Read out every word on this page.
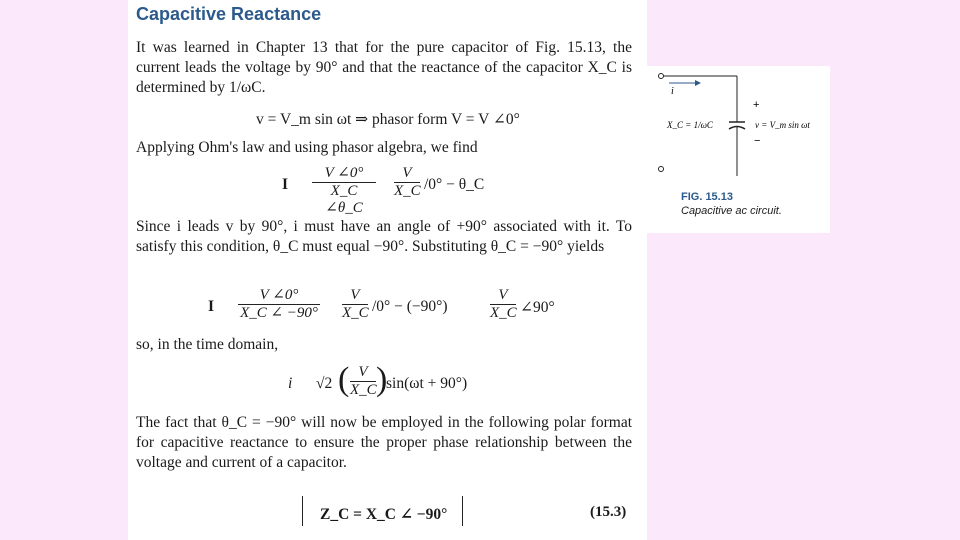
Capacitive Reactance
It was learned in Chapter 13 that for the pure capacitor of Fig. 15.13, the current leads the voltage by 90° and that the reactance of the capacitor X_C is determined by 1/ωC.
v = V_m sin ωt ⇒ phasor form V = V ∠0°
Applying Ohm's law and using phasor algebra, we find
I $\frac{V \angle 0^\circ}{X\_C \angle\theta\_C} \frac{V}{X\_C} /0^\circ$ − θ_C
Since i leads v by 90°, i must have an angle of +90° associated with it. To satisfy this condition, θ_C must equal −90°. Substituting θ_C = −90° yields
I $\frac{V \angle 0^\circ}{X\_C \angle -90^\circ} \frac{V}{X\_C} /0^\circ - (-90^\circ)$	$\frac{V}{X\_C}$ ∠90°
so, in the time domain,
i √2 ( $\frac{V}{X\_C}$ )
sin(ωt + 90°)
The fact that θ_C = −90° will now be employed in the following polar format for capacitive reactance to ensure the proper phase relationship between the voltage and current of a capacitor.
Z_C = X_C ∠ −90°	(15.3)
i
+
−
X_C = 1/ωC	v = V_m sin ωt
FIG. 15.13
Capacitive ac circuit.
